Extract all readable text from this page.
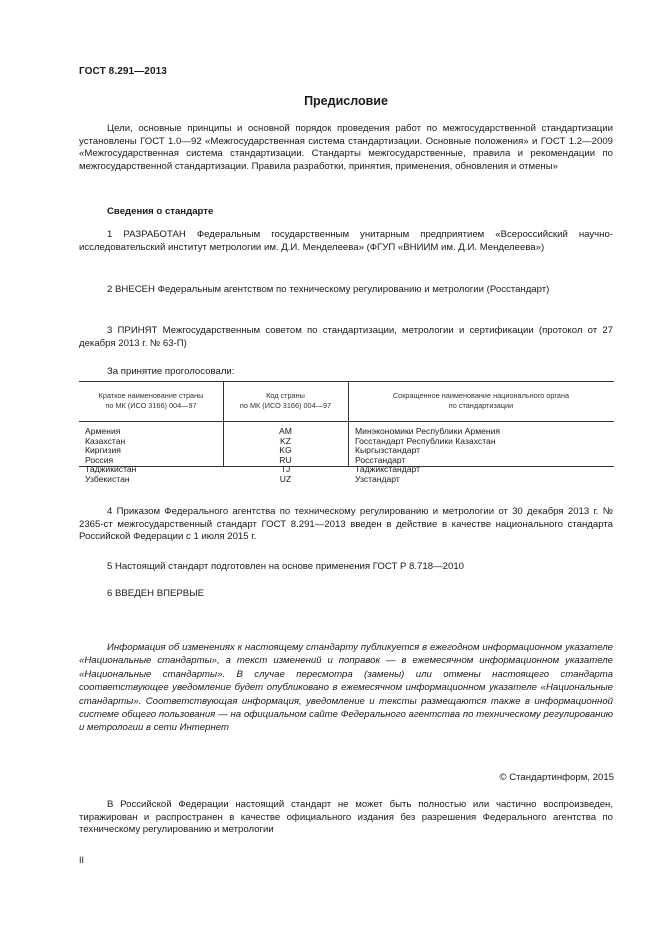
ГОСТ 8.291—2013
Предисловие
Цели, основные принципы и основной порядок проведения работ по межгосударственной стандартизации установлены ГОСТ 1.0—92 «Межгосударственная система стандартизации. Основные положения» и ГОСТ 1.2—2009 «Межгосударственная система стандартизации. Стандарты межгосударственные, правила и рекомендации по межгосударственной стандартизации. Правила разработки, принятия, применения, обновления и отмены»
Сведения о стандарте
1 РАЗРАБОТАН Федеральным государственным унитарным предприятием «Всероссийский научно-исследовательский институт метрологии им. Д.И. Менделеева» (ФГУП «ВНИИМ им. Д.И. Менделеева»)
2 ВНЕСЕН Федеральным агентством по техническому регулированию и метрологии (Росстандарт)
3 ПРИНЯТ Межгосударственным советом по стандартизации, метрологии и сертификации (протокол от 27 декабря 2013 г. № 63-П)
За принятие проголосовали:
Краткое наименование страны
по МК (ИСО 3166) 004—97
Код страны
по МК (ИСО 3166) 004—97
Сокращенное наименование национального органа
по стандартизации
Армения
Казахстан
Киргизия
Россия
Таджикистан
Узбекистан
AM
KZ
KG
RU
TJ
UZ
Минэкономики Республики Армения
Госстандарт Республики Казахстан
Кыргызстандарт
Росстандарт
Таджикстандарт
Узстандарт
4 Приказом Федерального агентства по техническому регулированию и метрологии от 30 декабря 2013 г. № 2365-ст межгосударственный стандарт ГОСТ 8.291—2013 введен в действие в качестве национального стандарта Российской Федерации с 1 июля 2015 г.
5 Настоящий стандарт подготовлен на основе применения ГОСТ Р 8.718—2010
6 ВВЕДЕН ВПЕРВЫЕ
Информация об изменениях к настоящему стандарту публикуется в ежегодном информационном указателе «Национальные стандарты», а текст изменений и поправок — в ежемесячном информационном указателе «Национальные стандарты». В случае пересмотра (замены) или отмены настоящего стандарта соответствующее уведомление будет опубликовано в ежемесячном информационном указателе «Национальные стандарты». Соответствующая информация, уведомление и тексты размещаются также в информационной системе общего пользования — на официальном сайте Федерального агентства по техническому регулированию и метрологии в сети Интернет
© Стандартинформ, 2015
В Российской Федерации настоящий стандарт не может быть полностью или частично воспроизведен, тиражирован и распространен в качестве официального издания без разрешения Федерального агентства по техническому регулированию и метрологии
II
